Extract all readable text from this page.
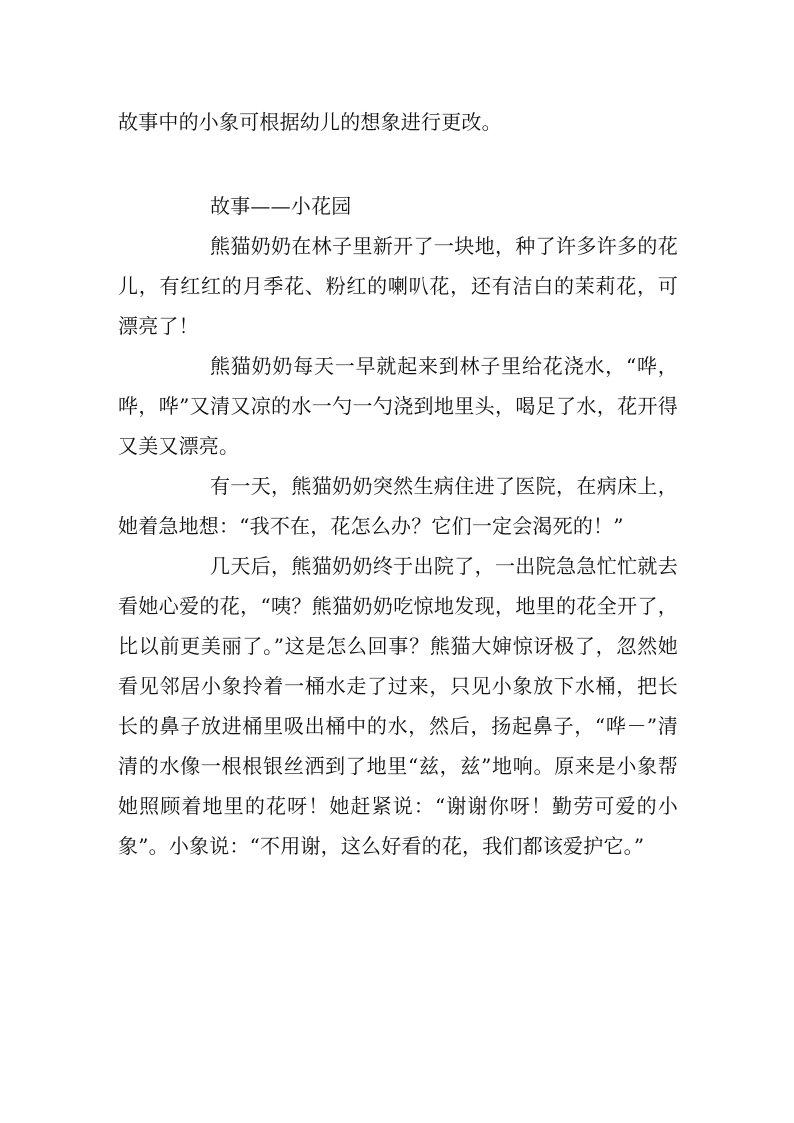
故事中的小象可根据幼儿的想象进行更改。

故事——小花园

熊猫奶奶在林子里新开了一块地，种了许多许多的花儿，有红红的月季花、粉红的喇叭花，还有洁白的茉莉花，可漂亮了！

熊猫奶奶每天一早就起来到林子里给花浇水，“哗，哗，哗”又清又凉的水一勺一勺浇到地里头，喝足了水，花开得又美又漂亮。

有一天，熊猫奶奶突然生病住进了医院，在病床上，她着急地想：“我不在，花怎么办？它们一定会渴死的！”

几天后，熊猫奶奶终于出院了，一出院急急忙忙就去看她心爱的花，“咦？熊猫奶奶吃惊地发现，地里的花全开了，比以前更美丽了。”这是怎么回事？熊猫大婶惊讶极了，忽然她看见邻居小象拎着一桶水走了过来，只见小象放下水桶，把长长的鼻子放进桶里吸出桶中的水，然后，扬起鼻子，“哗－”清清的水像一根根银丝洒到了地里“兹，兹”地响。原来是小象帮她照顾着地里的花呀！她赶紧说：“谢谢你呀！勤劳可爱的小象”。小象说：“不用谢，这么好看的花，我们都该爱护它。”
